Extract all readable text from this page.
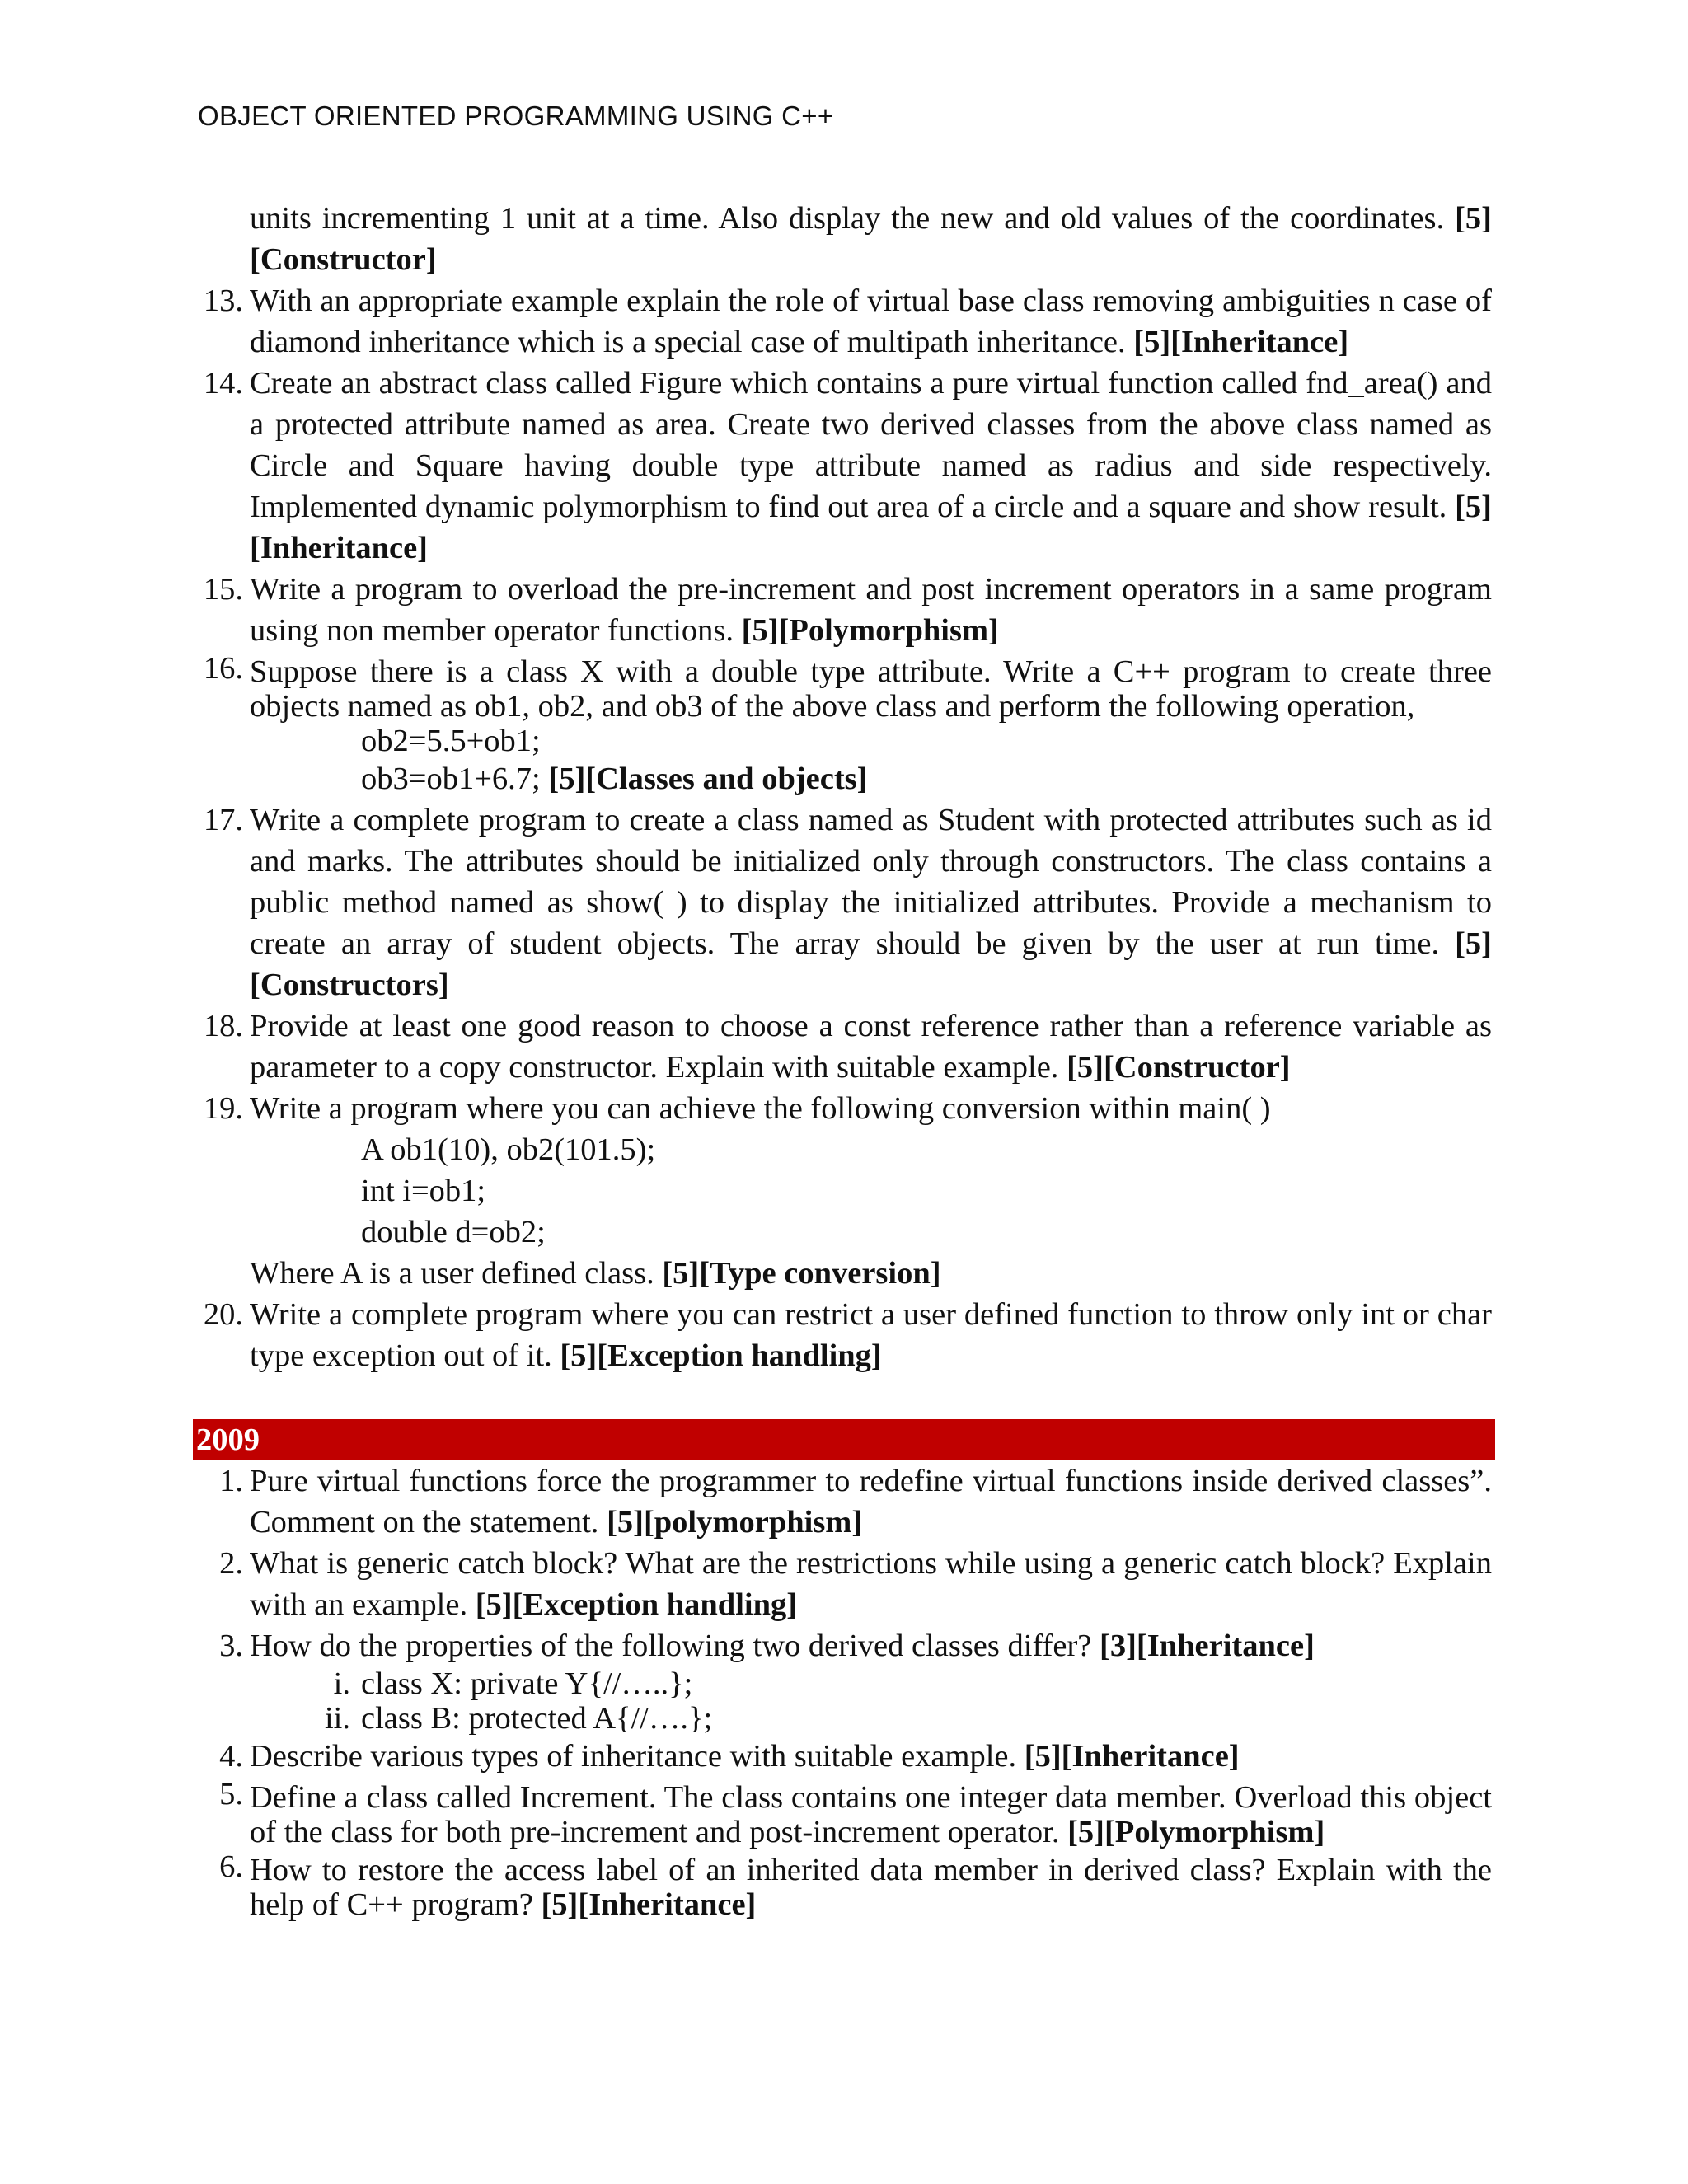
OBJECT ORIENTED PROGRAMMING USING C++
units incrementing 1 unit at a time. Also display the new and old values of the coordinates. [5][Constructor]
13. With an appropriate example explain the role of virtual base class removing ambiguities n case of diamond inheritance which is a special case of multipath inheritance. [5][Inheritance]
14. Create an abstract class called Figure which contains a pure virtual function called fnd_area() and a protected attribute named as area. Create two derived classes from the above class named as Circle and Square having double type attribute named as radius and side respectively. Implemented dynamic polymorphism to find out area of a circle and a square and show result. [5][Inheritance]
15. Write a program to overload the pre-increment and post increment operators in a same program using non member operator functions. [5][Polymorphism]
16. Suppose there is a class X with a double type attribute. Write a C++ program to create three objects named as ob1, ob2, and ob3 of the above class and perform the following operation,
ob2=5.5+ob1;
ob3=ob1+6.7; [5][Classes and objects]
17. Write a complete program to create a class named as Student with protected attributes such as id and marks. The attributes should be initialized only through constructors. The class contains a public method named as show( ) to display the initialized attributes. Provide a mechanism to create an array of student objects. The array should be given by the user at run time. [5][Constructors]
18. Provide at least one good reason to choose a const reference rather than a reference variable as parameter to a copy constructor. Explain with suitable example. [5][Constructor]
19. Write a program where you can achieve the following conversion within main( )
A ob1(10), ob2(101.5);
int i=ob1;
double d=ob2;
Where A is a user defined class. [5][Type conversion]
20. Write a complete program where you can restrict a user defined function to throw only int or char type exception out of it. [5][Exception handling]
2009
1. Pure virtual functions force the programmer to redefine virtual functions inside derived classes”. Comment on the statement. [5][polymorphism]
2. What is generic catch block? What are the restrictions while using a generic catch block? Explain with an example. [5][Exception handling]
3. How do the properties of the following two derived classes differ? [3][Inheritance]
i. class X: private Y{//…..};
ii. class B: protected A{//….};
4. Describe various types of inheritance with suitable example. [5][Inheritance]
5. Define a class called Increment. The class contains one integer data member. Overload this object of the class for both pre-increment and post-increment operator. [5][Polymorphism]
6. How to restore the access label of an inherited data member in derived class? Explain with the help of C++ program? [5][Inheritance]
